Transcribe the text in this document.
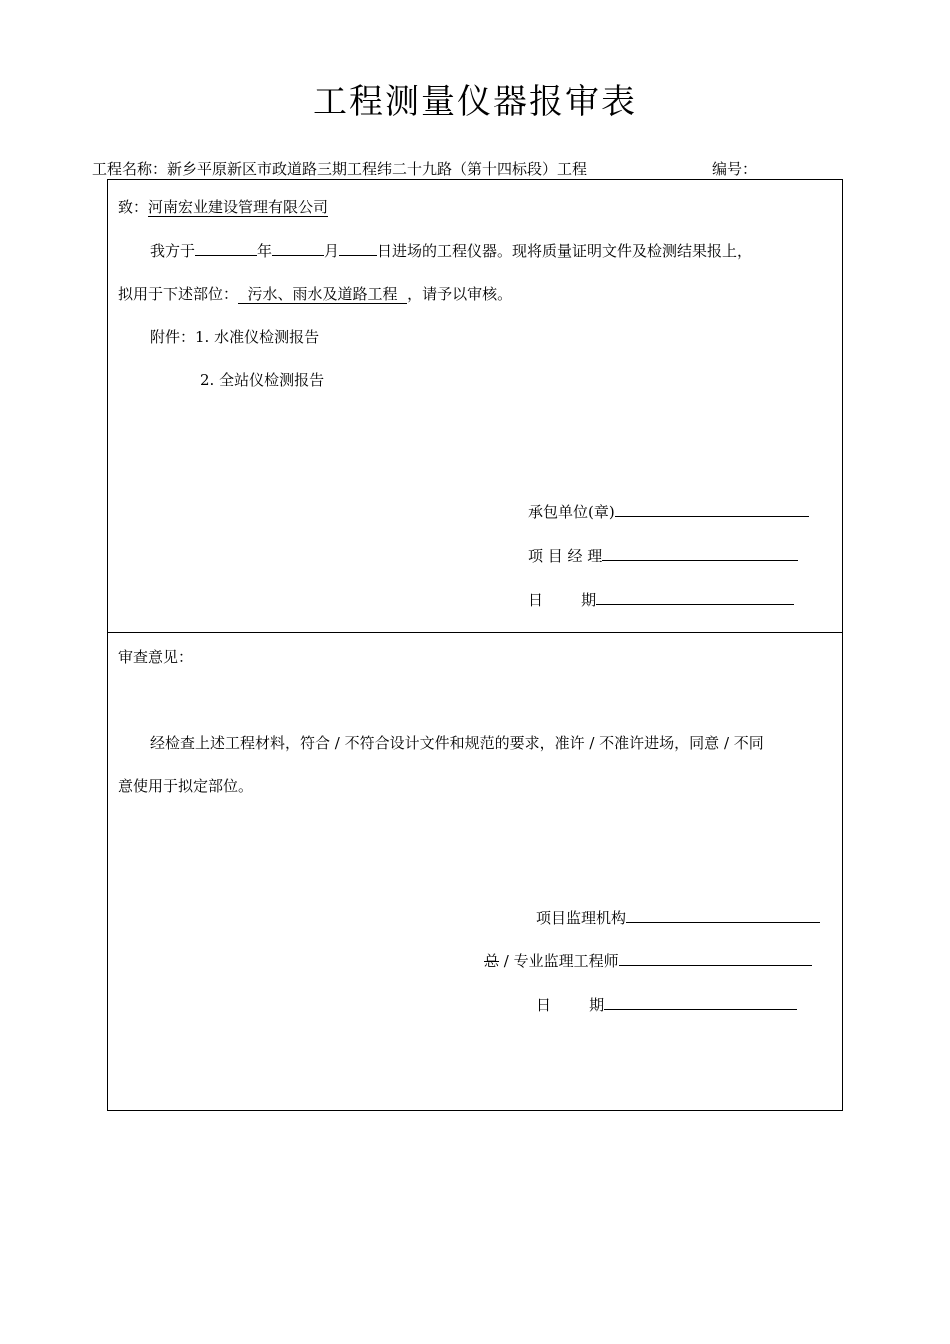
工程测量仪器报审表
工程名称：新乡平原新区市政道路三期工程纬二十九路（第十四标段）工程	编号：
致：河南宏业建设管理有限公司
我方于	年	月	日进场的工程仪器。现将质量证明文件及检测结果报上，
拟用于下述部位：  污水、雨水及道路工程  ，请予以审核。
附件：1. 水准仪检测报告
2. 全站仪检测报告
承包单位(章)
项 目 经 理
日        期
审查意见：
经检查上述工程材料，符合 / 不符合设计文件和规范的要求，准许 / 不准许进场，同意 / 不同
意使用于拟定部位。
项目监理机构
总 / 专业监理工程师
日        期
